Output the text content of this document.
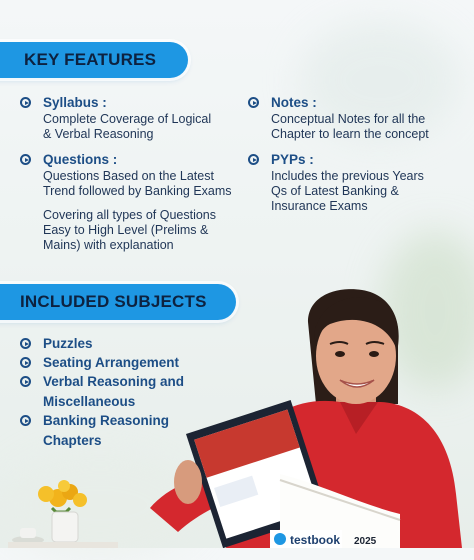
KEY FEATURES
Syllabus :
Complete Coverage of Logical
& Verbal Reasoning
Notes :
Conceptual Notes for all the
Chapter to learn the concept
Questions :
Questions Based on the Latest
Trend followed by Banking Exams
Covering all types of Questions
Easy to High Level (Prelims &
Mains) with explanation
PYPs :
Includes the previous Years
Qs of Latest Banking &
Insurance Exams
INCLUDED SUBJECTS
Puzzles
Seating Arrangement
Verbal Reasoning and
Miscellaneous
Banking Reasoning
Chapters
testbook 2025
